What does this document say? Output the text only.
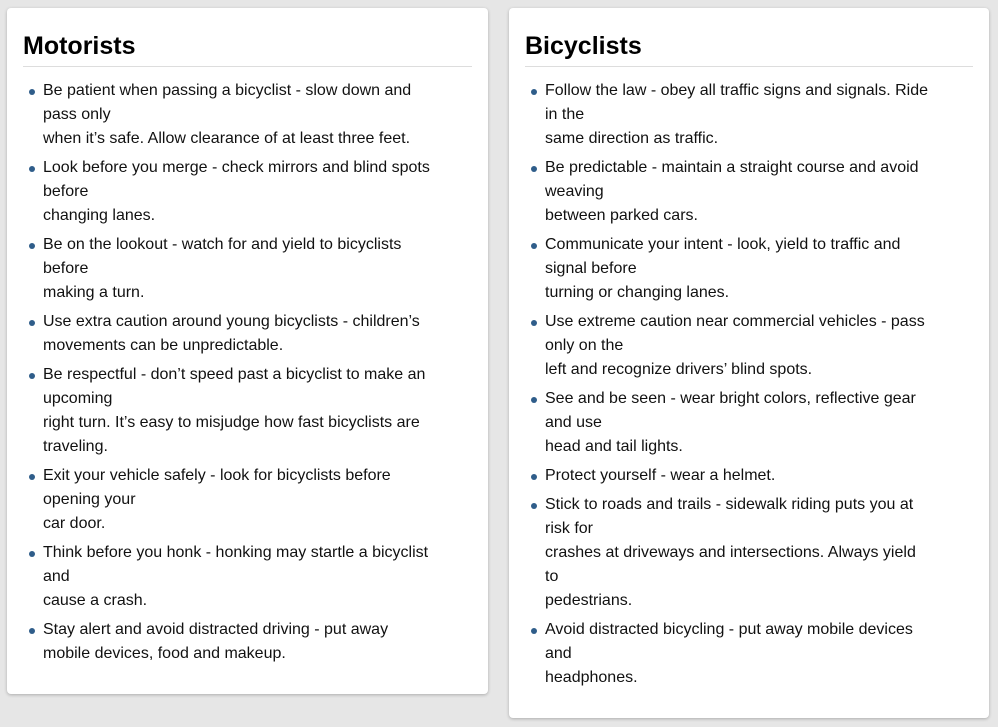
Motorists
Be patient when passing a bicyclist - slow down and
pass only
when it’s safe. Allow clearance of at least three feet.
Look before you merge - check mirrors and blind spots
before
changing lanes.
Be on the lookout - watch for and yield to bicyclists
before
making a turn.
Use extra caution around young bicyclists - children’s
movements can be unpredictable.
Be respectful - don’t speed past a bicyclist to make an
upcoming
right turn. It’s easy to misjudge how fast bicyclists are
traveling.
Exit your vehicle safely - look for bicyclists before
opening your
car door.
Think before you honk - honking may startle a bicyclist
and
cause a crash.
Stay alert and avoid distracted driving - put away
mobile devices, food and makeup.
Bicyclists
Follow the law - obey all traffic signs and signals. Ride
in the
same direction as traffic.
Be predictable - maintain a straight course and avoid
weaving
between parked cars.
Communicate your intent - look, yield to traffic and
signal before
turning or changing lanes.
Use extreme caution near commercial vehicles - pass
only on the
left and recognize drivers’ blind spots.
See and be seen - wear bright colors, reflective gear
and use
head and tail lights.
Protect yourself - wear a helmet.
Stick to roads and trails - sidewalk riding puts you at
risk for
crashes at driveways and intersections. Always yield
to
pedestrians.
Avoid distracted bicycling - put away mobile devices
and
headphones.
